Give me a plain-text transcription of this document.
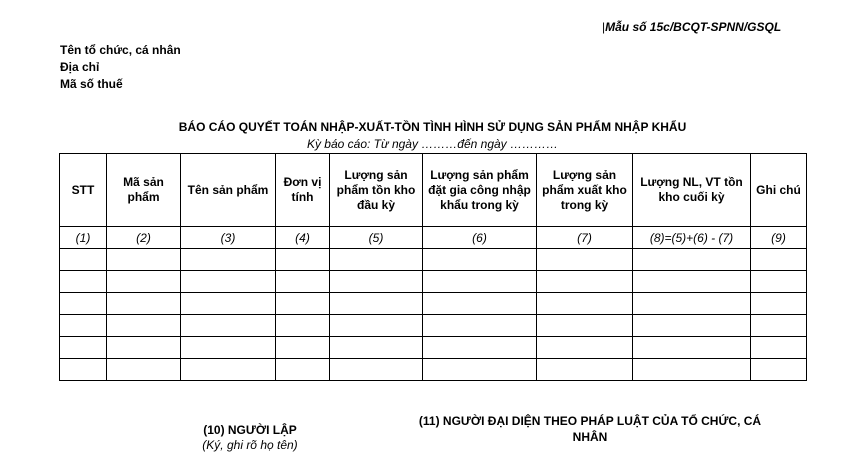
|Mẫu số 15c/BCQT-SPNN/GSQL
Tên tổ chức, cá nhân
Địa chỉ
Mã số thuế
BÁO CÁO QUYẾT TOÁN NHẬP-XUẤT-TỒN TÌNH HÌNH SỬ DỤNG SẢN PHẨM NHẬP KHẨU
Kỳ báo cáo: Từ ngày ………đến ngày …………
STT	Mã sản phẩm	Tên sản phẩm	Đơn vị tính	Lượng sản phẩm tồn kho đầu kỳ	Lượng sản phẩm đặt gia công nhập khẩu trong kỳ	Lượng sản phẩm xuất kho trong kỳ	Lượng NL, VT tồn kho cuối kỳ	Ghi chú
(1)	(2)	(3)	(4)	(5)	(6)	(7)	(8)=(5)+(6) - (7)	(9)

(10) NGƯỜI LẬP
(Ký, ghi rõ họ tên)
(11) NGƯỜI ĐẠI DIỆN THEO PHÁP LUẬT CỦA TỔ CHỨC, CÁ NHÂN
